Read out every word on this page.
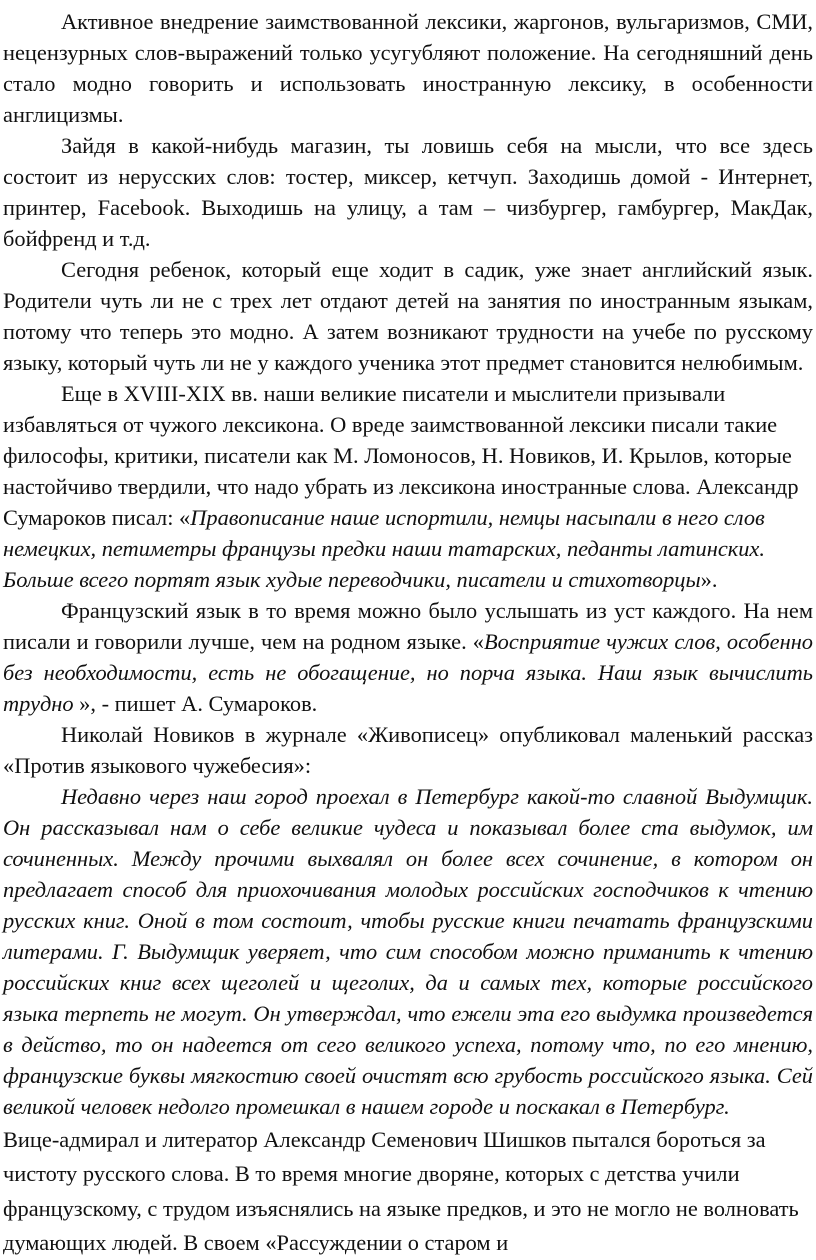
Активное внедрение заимствованной лексики, жаргонов, вульгаризмов, СМИ, нецензурных слов-выражений только усугубляют положение. На сегодняшний день стало модно говорить и использовать иностранную лексику, в особенности англицизмы.

Зайдя в какой-нибудь магазин, ты ловишь себя на мысли, что все здесь состоит из нерусских слов: тостер, миксер, кетчуп. Заходишь домой - Интернет, принтер, Facebook. Выходишь на улицу, а там – чизбургер, гамбургер, МакДак, бойфренд и т.д.

Сегодня ребенок, который еще ходит в садик, уже знает английский язык. Родители чуть ли не с трех лет отдают детей на занятия по иностранным языкам, потому что теперь это модно. А затем возникают трудности на учебе по русскому языку, который чуть ли не у каждого ученика этот предмет становится нелюбимым.

Еще в XVIII-XIX вв. наши великие писатели и мыслители призывали избавляться от чужого лексикона. О вреде заимствованной лексики писали такие философы, критики, писатели как М. Ломоносов, Н. Новиков, И. Крылов, которые настойчиво твердили, что надо убрать из лексикона иностранные слова. Александр Сумароков писал: «Правописание наше испортили, немцы насыпали в него слов немецких, петиметры французы предки наши татарских, педанты латинских. Больше всего портят язык худые переводчики, писатели и стихотворцы».

Французский язык в то время можно было услышать из уст каждого. На нем писали и говорили лучше, чем на родном языке. «Восприятие чужих слов, особенно без необходимости, есть не обогащение, но порча языка. Наш язык вычислить трудно », - пишет А. Сумароков.

Николай Новиков в журнале «Живописец» опубликовал маленький рассказ «Против языкового чужебесия»:

Недавно через наш город проехал в Петербург какой-то славной Выдумщик. Он рассказывал нам о себе великие чудеса и показывал более ста выдумок, им сочиненных. Между прочими выхвалял он более всех сочинение, в котором он предлагает способ для приохочивания молодых российских господчиков к чтению русских книг. Оной в том состоит, чтобы русские книги печатать французскими литерами. Г. Выдумщик уверяет, что сим способом можно приманить к чтению российских книг всех щеголей и щеголих, да и самых тех, которые российского языка терпеть не могут. Он утверждал, что ежели эта его выдумка произведется в действо, то он надеется от сего великого успеха, потому что, по его мнению, французские буквы мягкостию своей очистят всю грубость российского языка. Сей великой человек недолго промешкал в нашем городе и поскакал в Петербург.

Вице-адмирал и литератор Александр Семенович Шишков пытался бороться за чистоту русского слова. В то время многие дворяне, которых с детства учили французскому, с трудом изъяснялись на языке предков, и это не могло не волновать думающих людей. В своем «Рассуждении о старом и
